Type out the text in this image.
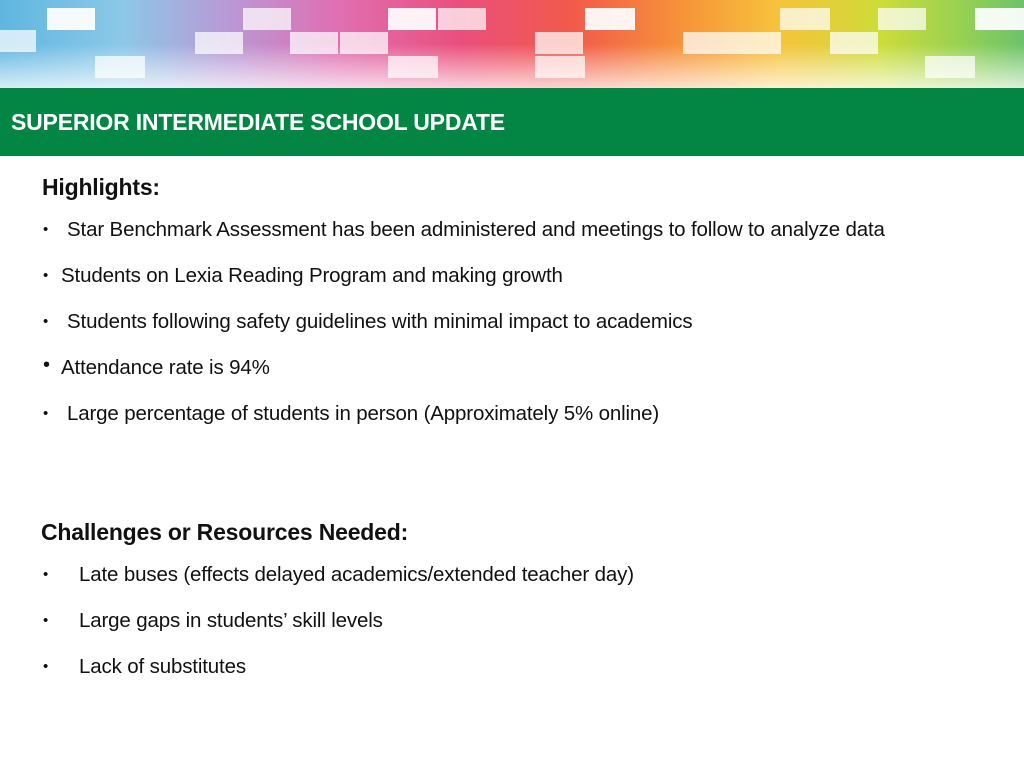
SUPERIOR INTERMEDIATE SCHOOL UPDATE
Highlights:
• Star Benchmark Assessment has been administered and meetings to follow to analyze data
• Students on Lexia Reading Program and making growth
• Students following safety guidelines with minimal impact to academics
• Attendance rate is 94%
• Large percentage of students in person (Approximately 5% online)
Challenges or Resources Needed:
• Late buses (effects delayed academics/extended teacher day)
• Large gaps in students’ skill levels
• Lack of substitutes
